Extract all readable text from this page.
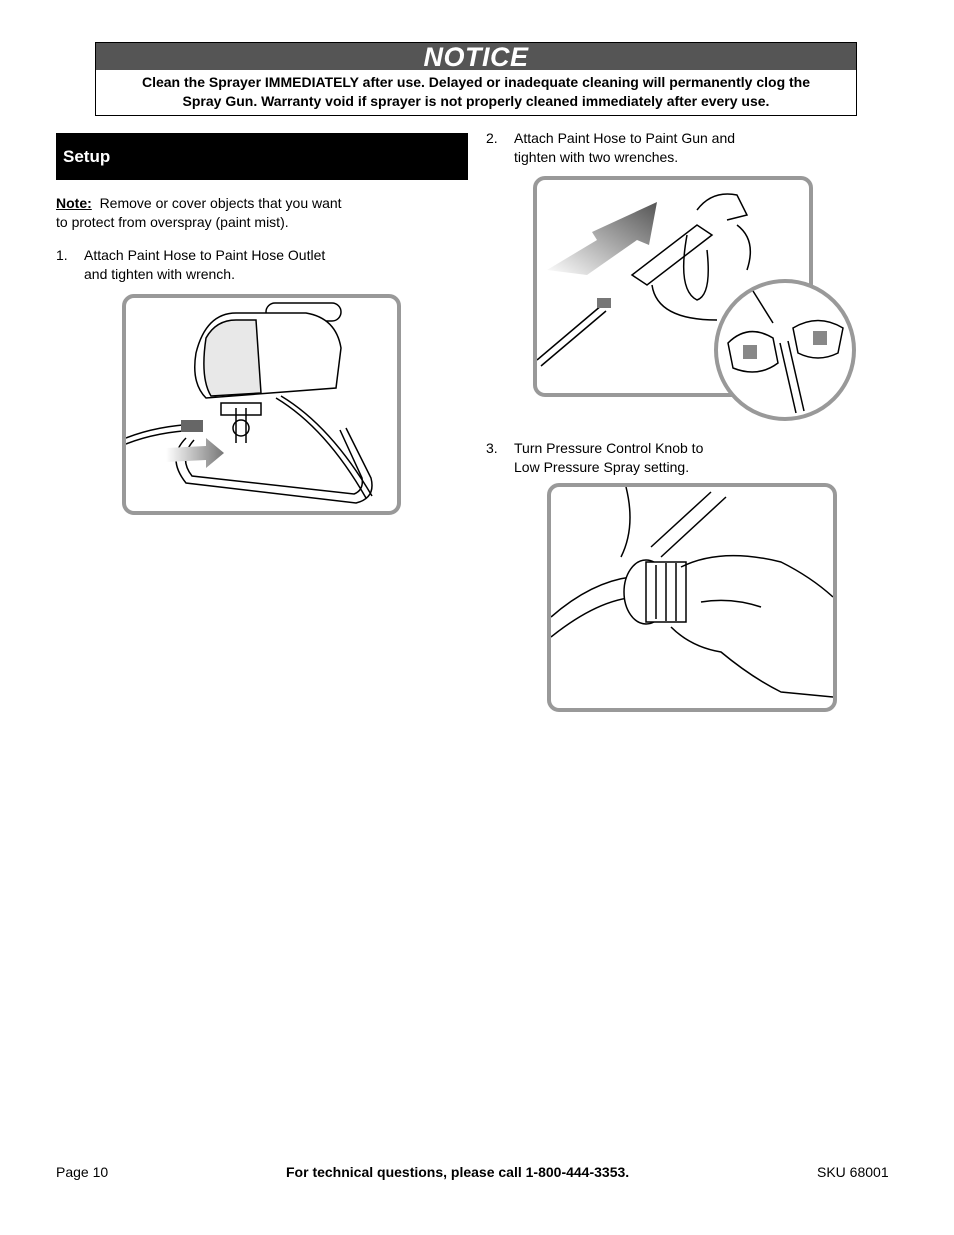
NOTICE
Clean the Sprayer IMMEDIATELY after use. Delayed or inadequate cleaning will permanently clog the
Spray Gun. Warranty void if sprayer is not properly cleaned immediately after every use.
Setup
Note: Remove or cover objects that you want
to protect from overspray (paint mist).
1. Attach Paint Hose to Paint Hose Outlet
and tighten with wrench.
2. Attach Paint Hose to Paint Gun and
tighten with two wrenches.
3. Turn Pressure Control Knob to
Low Pressure Spray setting.
Page 10	For technical questions, please call 1-800-444-3353.	SKU 68001
